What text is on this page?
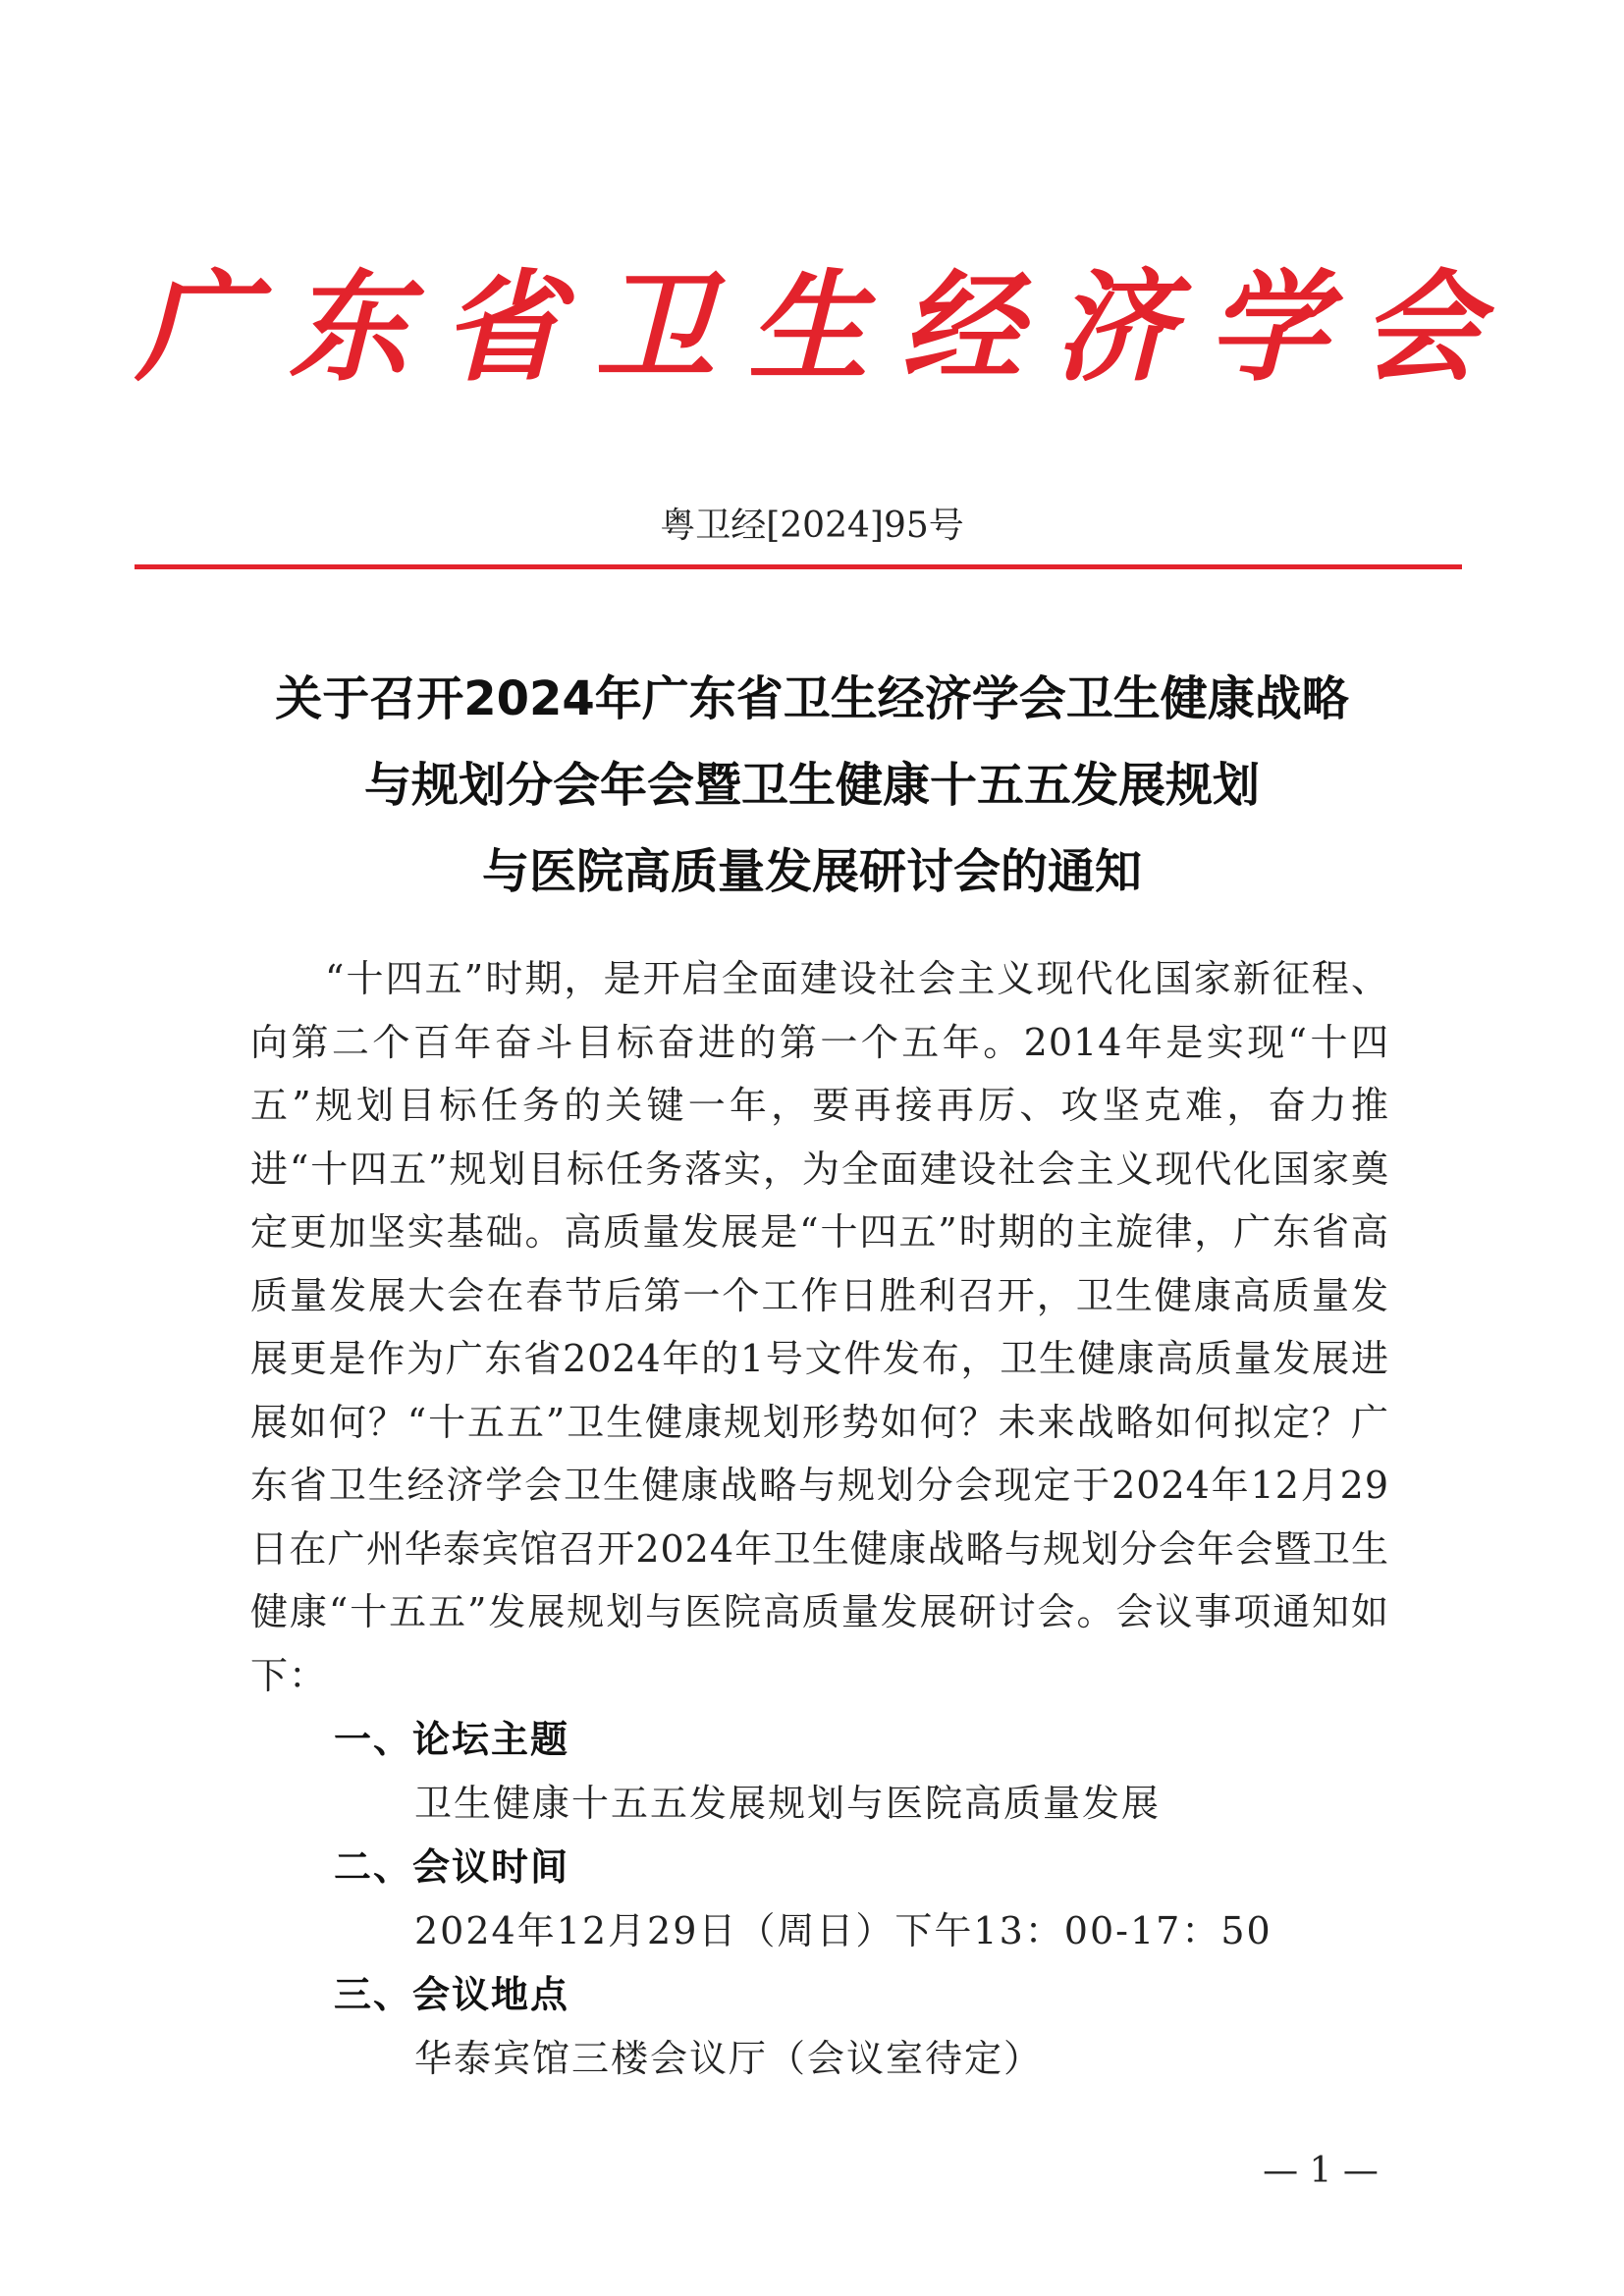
广东省卫生经济学会
粤卫经[2024]95号
关于召开2024年广东省卫生经济学会卫生健康战略
与规划分会年会暨卫生健康十五五发展规划
与医院高质量发展研讨会的通知

“十四五”时期，是开启全面建设社会主义现代化国家新征程、向第二个百年奋斗目标奋进的第一个五年。2014年是实现“十四五”规划目标任务的关键一年，要再接再厉、攻坚克难，奋力推进“十四五”规划目标任务落实，为全面建设社会主义现代化国家奠定更加坚实基础。高质量发展是“十四五”时期的主旋律，广东省高质量发展大会在春节后第一个工作日胜利召开，卫生健康高质量发展更是作为广东省2024年的1号文件发布，卫生健康高质量发展进展如何？“十五五”卫生健康规划形势如何？未来战略如何拟定？广东省卫生经济学会卫生健康战略与规划分会现定于2024年12月29日在广州华泰宾馆召开2024年卫生健康战略与规划分会年会暨卫生健康“十五五”发展规划与医院高质量发展研讨会。会议事项通知如下：

一、论坛主题
卫生健康十五五发展规划与医院高质量发展
二、会议时间
2024年12月29日（周日）下午13：00-17：50
三、会议地点
华泰宾馆三楼会议厅（会议室待定）
— 1 —
